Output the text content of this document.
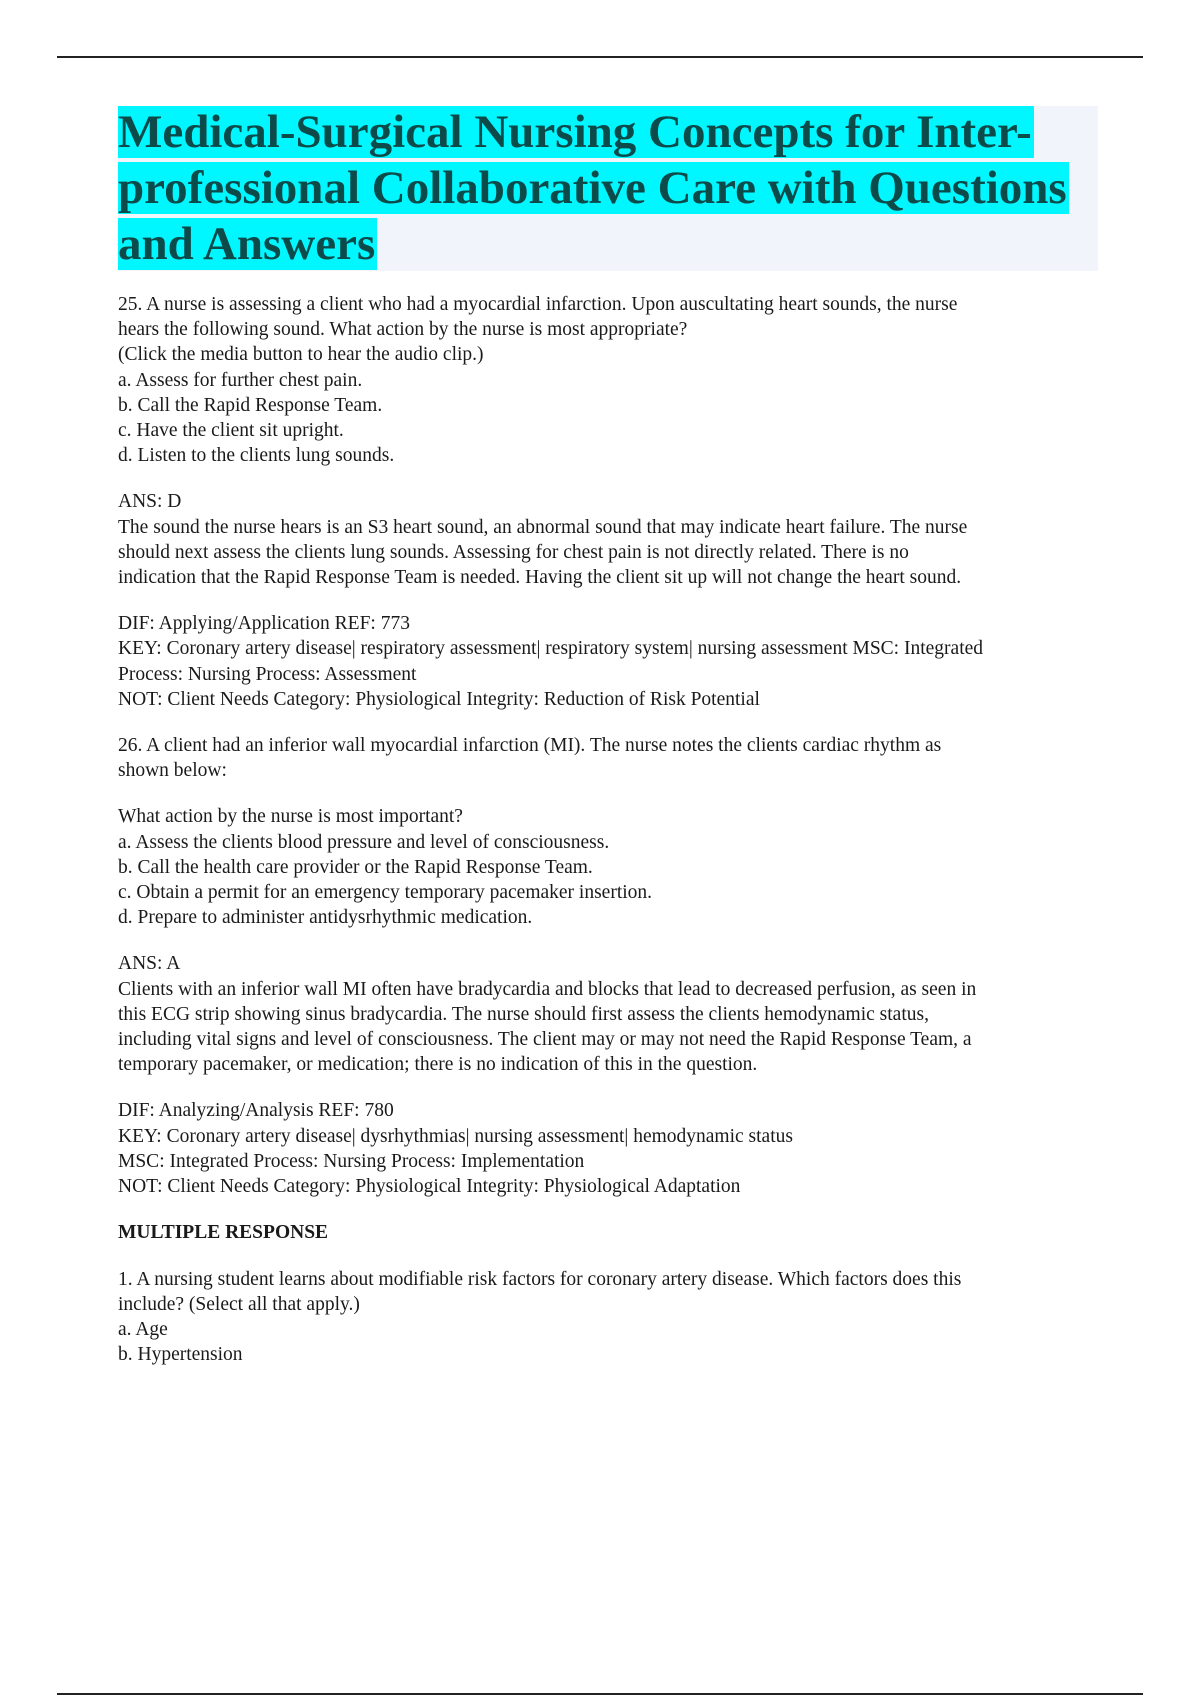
Medical-Surgical Nursing Concepts for Inter-
professional Collaborative Care with Questions
and Answers

25. A nurse is assessing a client who had a myocardial infarction. Upon auscultating heart sounds, the nurse

hears the following sound. What action by the nurse is most appropriate?

(Click the media button to hear the audio clip.)

a. Assess for further chest pain.
b. Call the Rapid Response Team.
c. Have the client sit upright.
d. Listen to the clients lung sounds.

ANS: D

The sound the nurse hears is an S3 heart sound, an abnormal sound that may indicate heart failure. The nurse

should next assess the clients lung sounds. Assessing for chest pain is not directly related. There is no

indication that the Rapid Response Team is needed. Having the client sit up will not change the heart sound.

DIF: Applying/Application REF: 773

KEY: Coronary artery disease| respiratory assessment| respiratory system| nursing assessment MSC: Integrated

Process: Nursing Process: Assessment

NOT: Client Needs Category: Physiological Integrity: Reduction of Risk Potential

26. A client had an inferior wall myocardial infarction (MI). The nurse notes the clients cardiac rhythm as

shown below:

What action by the nurse is most important?

a. Assess the clients blood pressure and level of consciousness.
b. Call the health care provider or the Rapid Response Team.
c. Obtain a permit for an emergency temporary pacemaker insertion.
d. Prepare to administer antidysrhythmic medication.

ANS: A

Clients with an inferior wall MI often have bradycardia and blocks that lead to decreased perfusion, as seen in

this ECG strip showing sinus bradycardia. The nurse should first assess the clients hemodynamic status,

including vital signs and level of consciousness. The client may or may not need the Rapid Response Team, a

temporary pacemaker, or medication; there is no indication of this in the question.

DIF: Analyzing/Analysis REF: 780

KEY: Coronary artery disease| dysrhythmias| nursing assessment| hemodynamic status

MSC: Integrated Process: Nursing Process: Implementation

NOT: Client Needs Category: Physiological Integrity: Physiological Adaptation

MULTIPLE RESPONSE

1. A nursing student learns about modifiable risk factors for coronary artery disease. Which factors does this

include? (Select all that apply.)

a. Age
b. Hypertension
